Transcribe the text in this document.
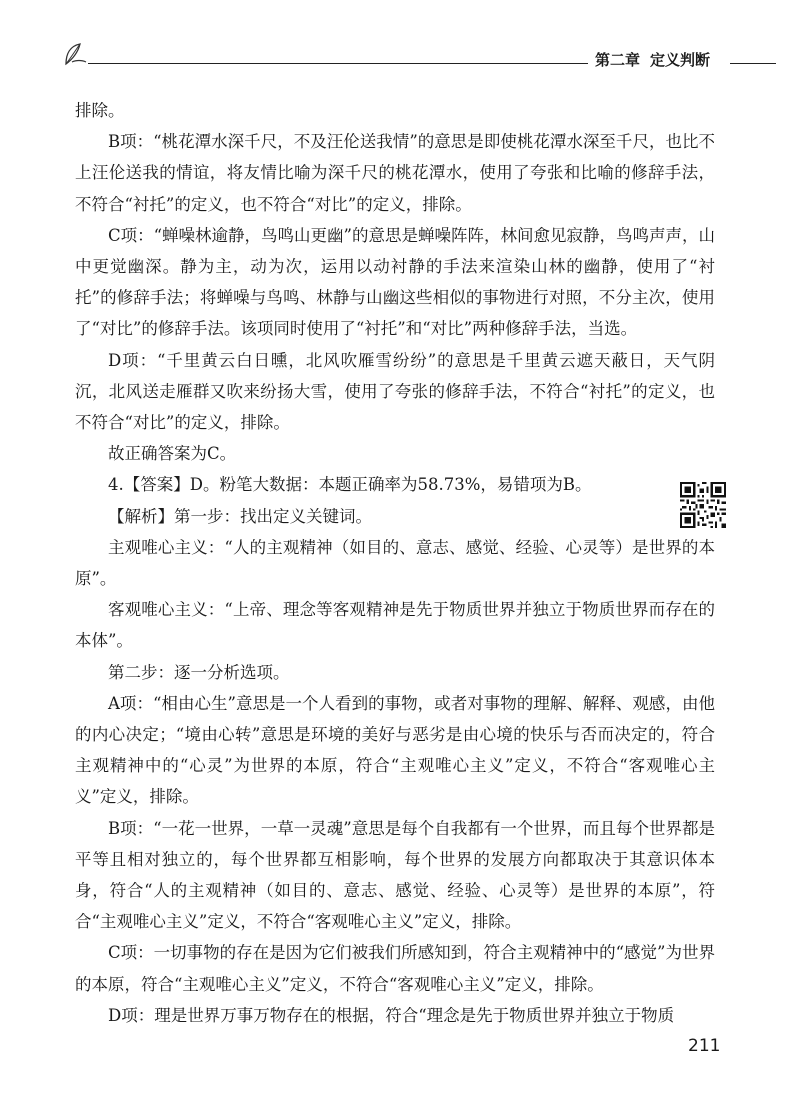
第二章 定义判断

排除。

B项：“桃花潭水深千尺，不及汪伦送我情”的意思是即使桃花潭水深至千尺，也比不上汪伦送我的情谊，将友情比喻为深千尺的桃花潭水，使用了夸张和比喻的修辞手法，不符合“衬托”的定义，也不符合“对比”的定义，排除。

C项：“蝉噪林逾静，鸟鸣山更幽”的意思是蝉噪阵阵，林间愈见寂静，鸟鸣声声，山中更觉幽深。静为主，动为次，运用以动衬静的手法来渲染山林的幽静，使用了“衬托”的修辞手法；将蝉噪与鸟鸣、林静与山幽这些相似的事物进行对照，不分主次，使用了“对比”的修辞手法。该项同时使用了“衬托”和“对比”两种修辞手法，当选。

D项：“千里黄云白日曛，北风吹雁雪纷纷”的意思是千里黄云遮天蔽日，天气阴沉，北风送走雁群又吹来纷扬大雪，使用了夸张的修辞手法，不符合“衬托”的定义，也不符合“对比”的定义，排除。

故正确答案为C。

4.【答案】D。粉笔大数据：本题正确率为58.73%，易错项为B。

【解析】第一步：找出定义关键词。

主观唯心主义：“人的主观精神（如目的、意志、感觉、经验、心灵等）是世界的本原”。

客观唯心主义：“上帝、理念等客观精神是先于物质世界并独立于物质世界而存在的本体”。

第二步：逐一分析选项。

A项：“相由心生”意思是一个人看到的事物，或者对事物的理解、解释、观感，由他的内心决定；“境由心转”意思是环境的美好与恶劣是由心境的快乐与否而决定的，符合主观精神中的“心灵”为世界的本原，符合“主观唯心主义”定义，不符合“客观唯心主义”定义，排除。

B项：“一花一世界，一草一灵魂”意思是每个自我都有一个世界，而且每个世界都是平等且相对独立的，每个世界都互相影响，每个世界的发展方向都取决于其意识体本身，符合“人的主观精神（如目的、意志、感觉、经验、心灵等）是世界的本原”，符合“主观唯心主义”定义，不符合“客观唯心主义”定义，排除。

C项：一切事物的存在是因为它们被我们所感知到，符合主观精神中的“感觉”为世界的本原，符合“主观唯心主义”定义，不符合“客观唯心主义”定义，排除。

D项：理是世界万事万物存在的根据，符合“理念是先于物质世界并独立于物质

211
